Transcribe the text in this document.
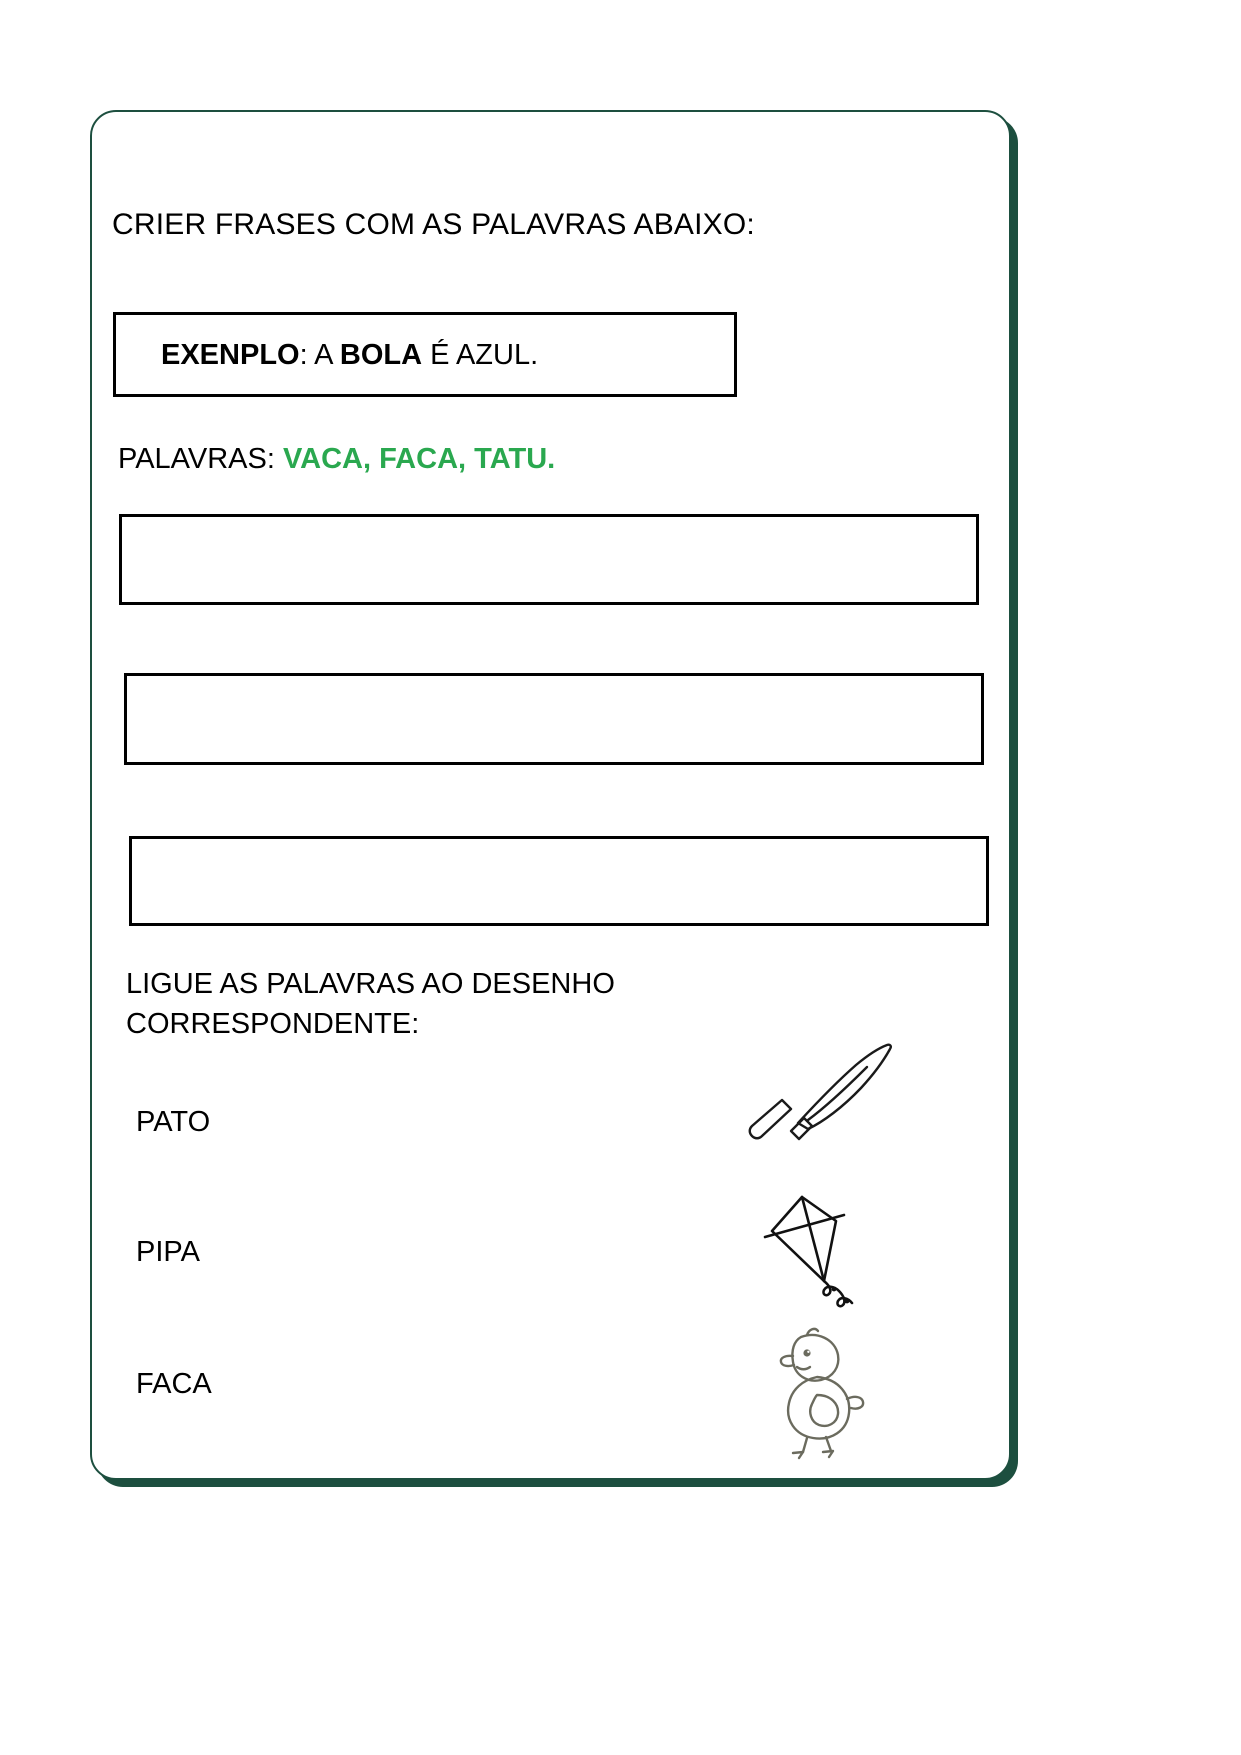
CRIER FRASES COM AS PALAVRAS ABAIXO:
EXENPLO: A BOLA É AZUL.
PALAVRAS: VACA, FACA, TATU.
LIGUE AS PALAVRAS AO DESENHO
CORRESPONDENTE:
PATO
PIPA
FACA
